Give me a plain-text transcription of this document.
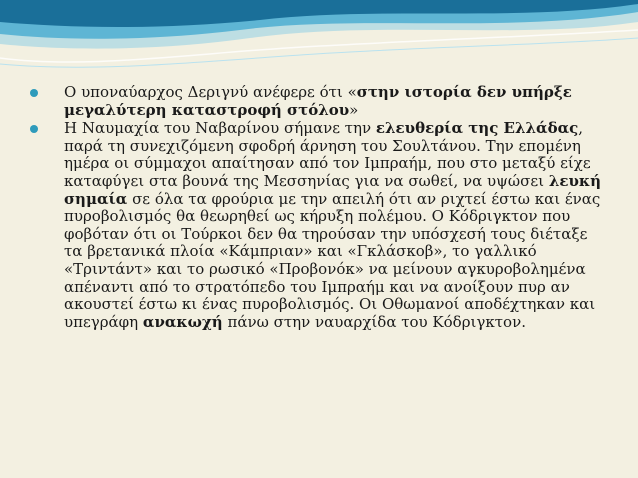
Ο υποναύαρχος Δεριγνύ ανέφερε ότι «στην ιστορία δεν υπήρξε μεγαλύτερη καταστροφή στόλου»
Η Ναυμαχία του Ναβαρίνου σήμανε την ελευθερία της Ελλάδας, παρά τη συνεχιζόμενη σφοδρή άρνηση του Σουλτάνου. Την επομένη ημέρα οι σύμμαχοι απαίτησαν από τον Ιμπραήμ, που στο μεταξύ είχε καταφύγει στα βουνά της Μεσσηνίας για να σωθεί, να υψώσει λευκή σημαία σε όλα τα φρούρια με την απειλή ότι αν ριχτεί έστω και ένας πυροβολισμός θα θεωρηθεί ως κήρυξη πολέμου. Ο Κόδριγκτον που φοβόταν ότι οι Τούρκοι δεν θα τηρούσαν την υπόσχεσή τους διέταξε τα βρετανικά πλοία «Κάμπριαν» και «Γκλάσκοβ», το γαλλικό «Τριντάντ» και το ρωσικό «Προβονόκ» να μείνουν αγκυροβολημένα απέναντι από το στρατόπεδο του Ιμπραήμ και να ανοίξουν πυρ αν ακουστεί έστω κι ένας πυροβολισμός. Οι Οθωμανοί αποδέχτηκαν και υπεγράφη ανακωχή πάνω στην ναυαρχίδα του Κόδριγκτον.
